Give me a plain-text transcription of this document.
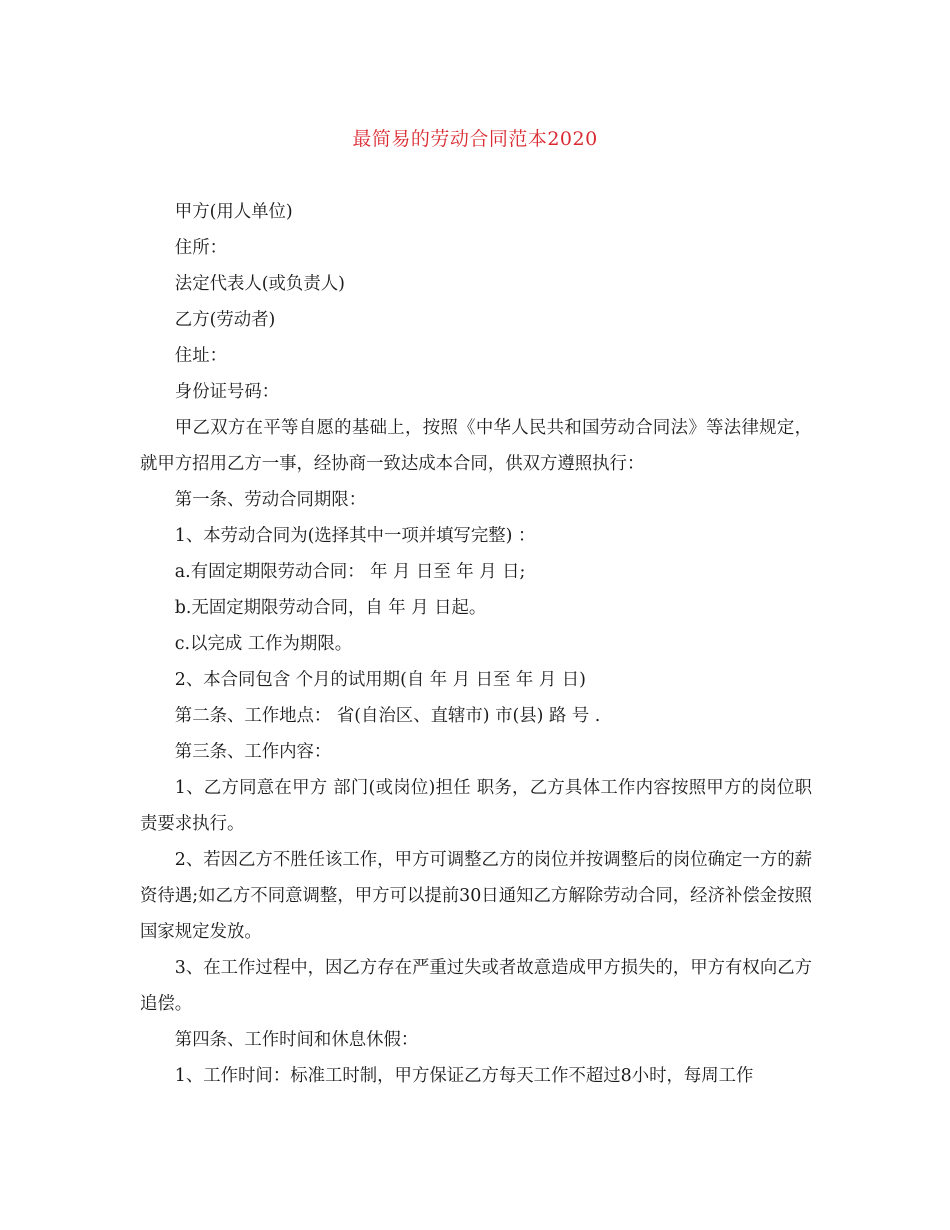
最简易的劳动合同范本2020

甲方(用人单位)

住所：

法定代表人(或负责人)

乙方(劳动者)

住址：

身份证号码：

甲乙双方在平等自愿的基础上，按照《中华人民共和国劳动合同法》等法律规定，就甲方招用乙方一事，经协商一致达成本合同，供双方遵照执行：

第一条、劳动合同期限：

1、本劳动合同为(选择其中一项并填写完整) ：

a.有固定期限劳动合同： 年 月 日至 年 月 日;

b.无固定期限劳动合同，自 年 月 日起。

c.以完成 工作为期限。

2、本合同包含 个月的试用期(自 年 月 日至 年 月 日)

第二条、工作地点： 省(自治区、直辖市) 市(县) 路 号 .

第三条、工作内容：

1、乙方同意在甲方 部门(或岗位)担任 职务，乙方具体工作内容按照甲方的岗位职责要求执行。

2、若因乙方不胜任该工作，甲方可调整乙方的岗位并按调整后的岗位确定一方的薪资待遇;如乙方不同意调整，甲方可以提前30日通知乙方解除劳动合同，经济补偿金按照国家规定发放。

3、在工作过程中，因乙方存在严重过失或者故意造成甲方损失的，甲方有权向乙方追偿。

第四条、工作时间和休息休假：

1、工作时间：标准工时制，甲方保证乙方每天工作不超过8小时，每周工作
